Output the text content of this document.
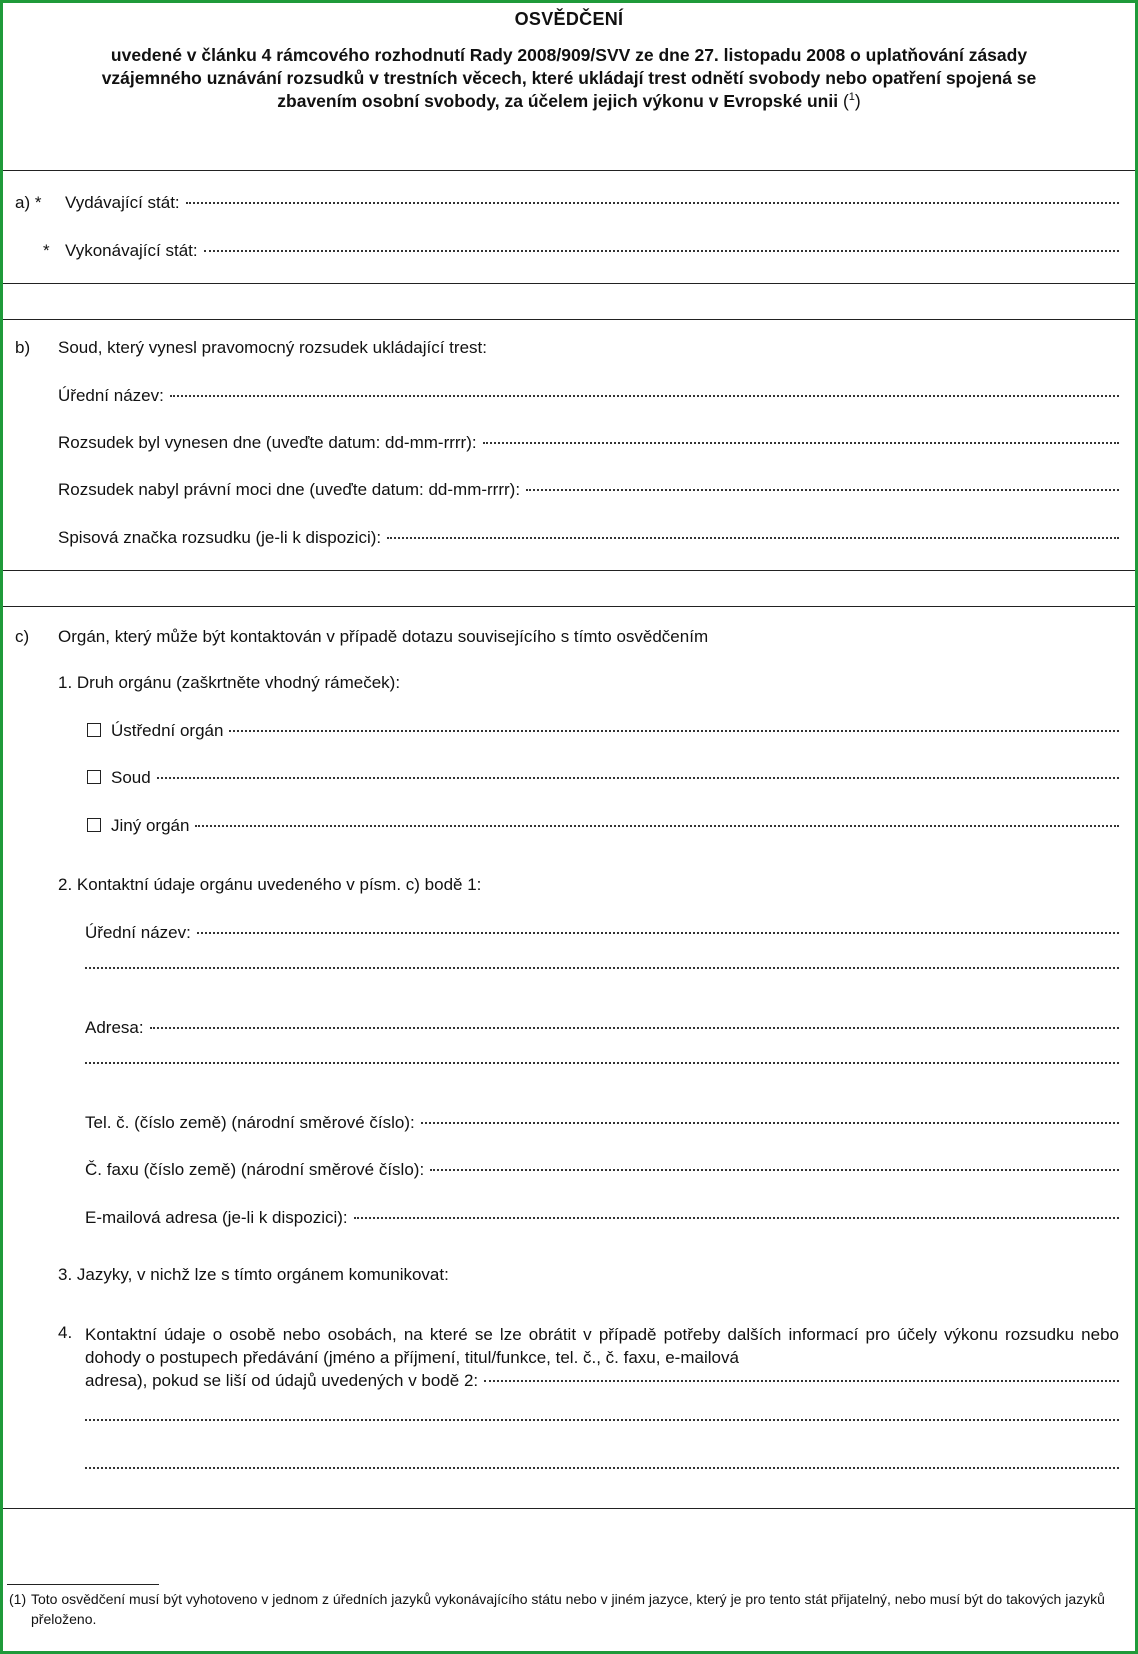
OSVĚDČENÍ
uvedené v článku 4 rámcového rozhodnutí Rady 2008/909/SVV ze dne 27. listopadu 2008 o uplatňování zásady
vzájemného uznávání rozsudků v trestních věcech, které ukládají trest odnětí svobody nebo opatření spojená se
zbavením osobní svobody, za účelem jejich výkonu v Evropské unii ($^1$)
a) * Vydávající stát:
* Vykonávající stát:
b) Soud, který vynesl pravomocný rozsudek ukládající trest:
Úřední název:
Rozsudek byl vynesen dne (uveďte datum: dd-mm-rrrr):
Rozsudek nabyl právní moci dne (uveďte datum: dd-mm-rrrr):
Spisová značka rozsudku (je-li k dispozici):
c) Orgán, který může být kontaktován v případě dotazu souvisejícího s tímto osvědčením
1. Druh orgánu (zaškrtněte vhodný rámeček):
Ústřední orgán
Soud
Jiný orgán
2. Kontaktní údaje orgánu uvedeného v písm. c) bodě 1:
Úřední název:
Adresa:
Tel. č. (číslo země) (národní směrové číslo):
Č. faxu (číslo země) (národní směrové číslo):
E-mailová adresa (je-li k dispozici):
3. Jazyky, v nichž lze s tímto orgánem komunikovat:
4. Kontaktní údaje o osobě nebo osobách, na které se lze obrátit v případě potřeby dalších informací pro účely výkonu rozsudku nebo dohody o postupech předávání (jméno a příjmení, titul/funkce, tel. č., č. faxu, e-mailová
adresa), pokud se liší od údajů uvedených v bodě 2:
(1) Toto osvědčení musí být vyhotoveno v jednom z úředních jazyků vykonávajícího státu nebo v jiném jazyce, který je pro tento stát přijatelný, nebo musí být do takových jazyků přeloženo.
